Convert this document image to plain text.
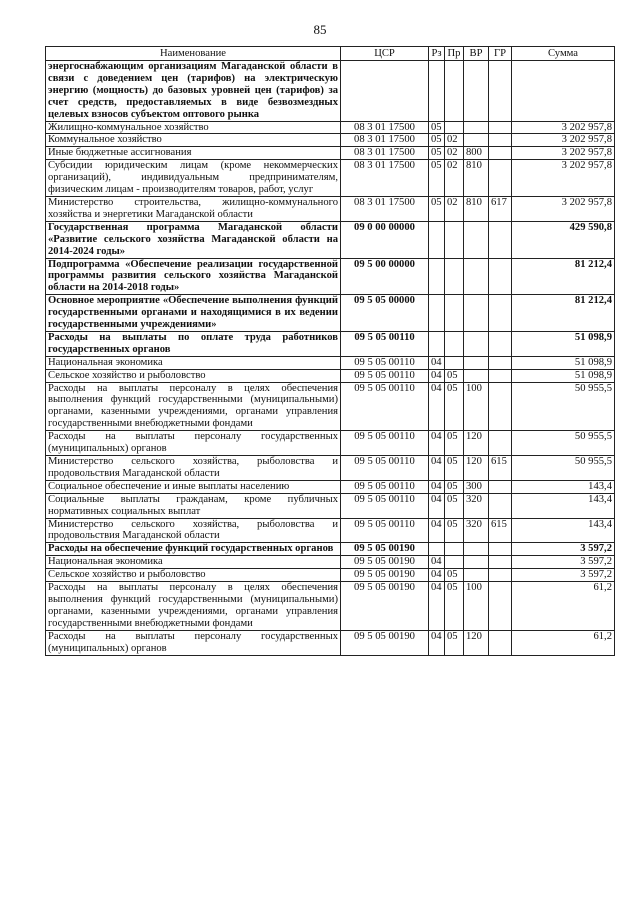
85
Наименование	ЦСР	Рз	Пр	ВР	ГР	Сумма
энергоснабжающим организациям Магаданской области в связи с доведением цен (тарифов) на электрическую энергию (мощность) до базовых уровней цен (тарифов) за счет средств, предоставляемых в виде безвозмездных целевых взносов субъектом оптового рынка						
Жилищно-коммунальное хозяйство	08 3 01 17500	05				3 202 957,8
Коммунальное хозяйство	08 3 01 17500	05	02			3 202 957,8
Иные бюджетные ассигнования	08 3 01 17500	05	02	800		3 202 957,8
Субсидии юридическим лицам (кроме некоммерческих организаций), индивидуальным предпринимателям, физическим лицам - производителям товаров, работ, услуг	08 3 01 17500	05	02	810		3 202 957,8
Министерство строительства, жилищно-коммунального хозяйства и энергетики Магаданской области	08 3 01 17500	05	02	810	617	3 202 957,8
Государственная программа Магаданской области «Развитие сельского хозяйства Магаданской области на 2014-2024 годы»	09 0 00 00000					429 590,8
Подпрограмма «Обеспечение реализации государственной программы развития сельского хозяйства Магаданской области на 2014-2018 годы»	09 5 00 00000					81 212,4
Основное мероприятие «Обеспечение выполнения функций государственными органами и находящимися в их ведении государственными учреждениями»	09 5 05 00000					81 212,4
Расходы на выплаты по оплате труда работников государственных органов	09 5 05 00110					51 098,9
Национальная экономика	09 5 05 00110	04				51 098,9
Сельское хозяйство и рыболовство	09 5 05 00110	04	05			51 098,9
Расходы на выплаты персоналу в целях обеспечения выполнения функций государственными (муниципальными) органами, казенными учреждениями, органами управления государственными внебюджетными фондами	09 5 05 00110	04	05	100		50 955,5
Расходы на выплаты персоналу государственных (муниципальных) органов	09 5 05 00110	04	05	120		50 955,5
Министерство сельского хозяйства, рыболовства и продовольствия Магаданской области	09 5 05 00110	04	05	120	615	50 955,5
Социальное обеспечение и иные выплаты населению	09 5 05 00110	04	05	300		143,4
Социальные выплаты гражданам, кроме публичных нормативных социальных выплат	09 5 05 00110	04	05	320		143,4
Министерство сельского хозяйства, рыболовства и продовольствия Магаданской области	09 5 05 00110	04	05	320	615	143,4
Расходы на обеспечение функций государственных органов	09 5 05 00190					3 597,2
Национальная экономика	09 5 05 00190	04				3 597,2
Сельское хозяйство и рыболовство	09 5 05 00190	04	05			3 597,2
Расходы на выплаты персоналу в целях обеспечения выполнения функций государственными (муниципальными) органами, казенными учреждениями, органами управления государственными внебюджетными фондами	09 5 05 00190	04	05	100		61,2
Расходы на выплаты персоналу государственных (муниципальных) органов	09 5 05 00190	04	05	120		61,2
